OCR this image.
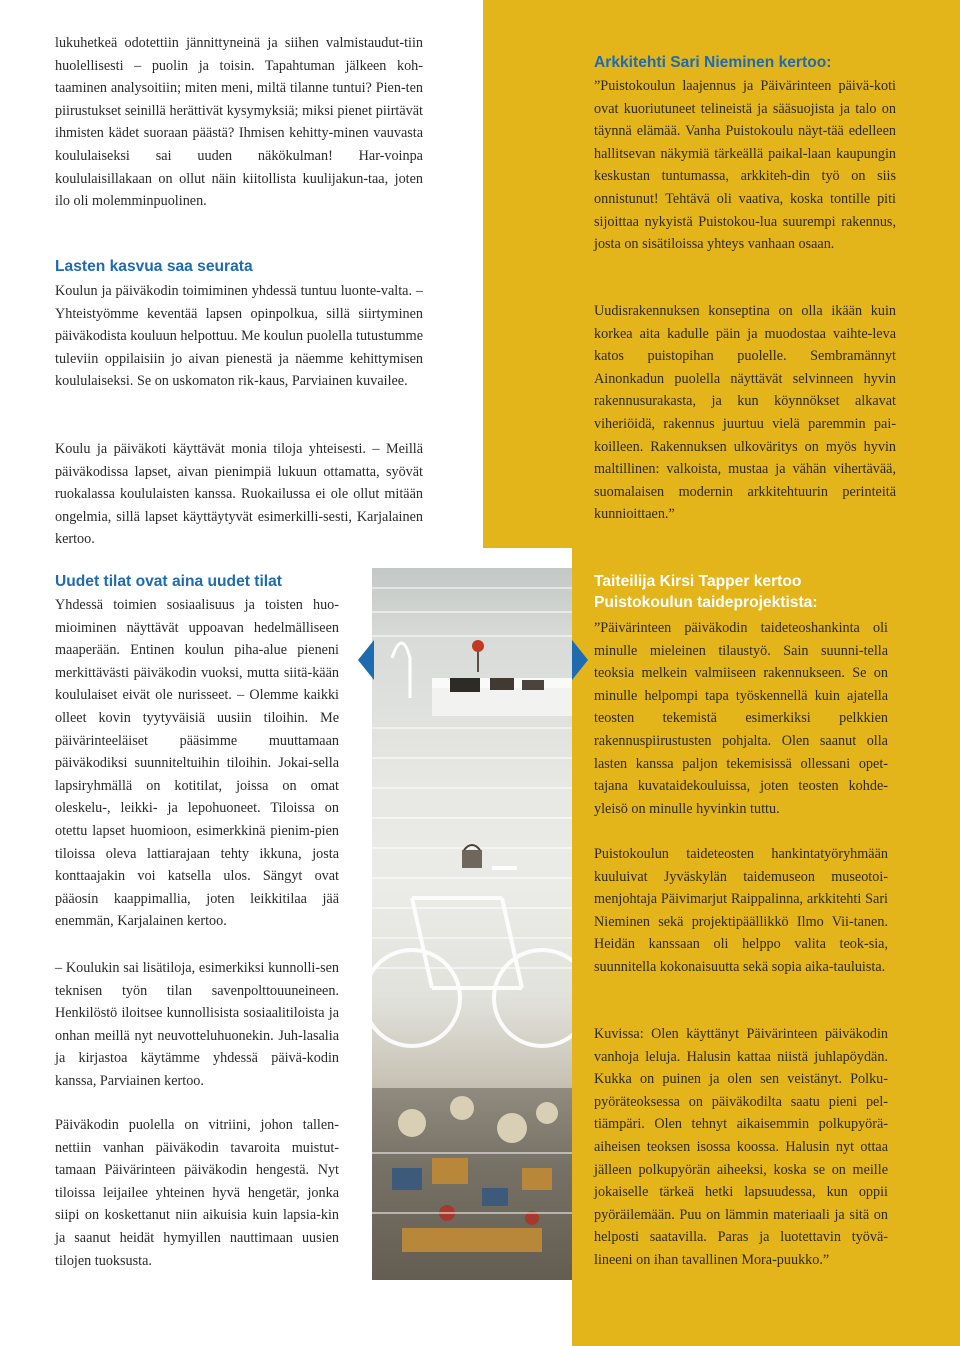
lukuhetkeä odotettiin jännittyneinä ja siihen valmistaudut-tiin huolellisesti – puolin ja toisin. Tapahtuman jälkeen koh-taaminen analysoitiin; miten meni, miltä tilanne tuntui? Pien-ten piirustukset seinillä herättivät kysymyksiä; miksi pienet piirtävät ihmisten kädet suoraan päästä? Ihmisen kehitty-minen vauvasta koululaiseksi sai uuden näkökulman! Har-voinpa koululaisillakaan on ollut näin kiitollista kuulijakun-taa, joten ilo oli molemminpuolinen.

Lasten kasvua saa seurata

Koulun ja päiväkodin toimiminen yhdessä tuntuu luonte-valta. – Yhteistyömme keventää lapsen opinpolkua, sillä siirtyminen päiväkodista kouluun helpottuu. Me koulun puolella tutustumme tuleviin oppilaisiin jo aivan pienestä ja näemme kehittymisen koululaiseksi. Se on uskomaton rik-kaus, Parviainen kuvailee.

Koulu ja päiväkoti käyttävät monia tiloja yhteisesti. – Meillä päiväkodissa lapset, aivan pienimpiä lukuun ottamatta, syövät ruokalassa koululaisten kanssa. Ruokailussa ei ole ollut mitään ongelmia, sillä lapset käyttäytyvät esimerkilli-sesti, Karjalainen kertoo.

Uudet tilat ovat aina uudet tilat

Yhdessä toimien sosiaalisuus ja toisten huo-mioiminen näyttävät uppoavan hedelmälliseen maaperään. Entinen koulun piha-alue pieneni merkittävästi päiväkodin vuoksi, mutta siitä-kään koululaiset eivät ole nurisseet. – Olemme kaikki olleet kovin tyytyväisiä uusiin tiloihin. Me päivärinteeläiset pääsimme muuttamaan päiväkodiksi suunniteltuihin tiloihin. Jokai-sella lapsiryhmällä on kotitilat, joissa on omat oleskelu-, leikki- ja lepohuoneet. Tiloissa on otettu lapset huomioon, esimerkkinä pienim-pien tiloissa oleva lattiarajaan tehty ikkuna, josta konttaajakin voi katsella ulos. Sängyt ovat pääosin kaappimallia, joten leikkitilaa jää enemmän, Karjalainen kertoo.

– Koulukin sai lisätiloja, esimerkiksi kunnolli-sen teknisen työn tilan savenpolttouuneineen. Henkilöstö iloitsee kunnollisista sosiaalitiloista ja onhan meillä nyt neuvotteluhuonekin. Juh-lasalia ja kirjastoa käytämme yhdessä päivä-kodin kanssa, Parviainen kertoo.

Päiväkodin puolella on vitriini, johon tallen-nettiin vanhan päiväkodin tavaroita muistut-tamaan Päivärinteen päiväkodin hengestä. Nyt tiloissa leijailee yhteinen hyvä hengetär, jonka siipi on koskettanut niin aikuisia kuin lapsia-kin ja saanut heidät hymyillen nauttimaan uusien tilojen tuoksusta.

Arkkitehti Sari Nieminen kertoo:

”Puistokoulun laajennus ja Päivärinteen päivä-koti ovat kuoriutuneet telineistä ja sääsuojista ja talo on täynnä elämää. Vanha Puistokoulu näyt-tää edelleen hallitsevan näkymiä tärkeällä paikal-laan kaupungin keskustan tuntumassa, arkkiteh-din työ on siis onnistunut! Tehtävä oli vaativa, koska tontille piti sijoittaa nykyistä Puistokou-lua suurempi rakennus, josta on sisätiloissa yhteys vanhaan osaan.

Uudisrakennuksen konseptina on olla ikään kuin korkea aita kadulle päin ja muodostaa vaihte-leva katos puistopihan puolelle. Sembramännyt Ainonkadun puolella näyttävät selvinneen hyvin rakennusurakasta, ja kun köynnökset alkavat viheriöidä, rakennus juurtuu vielä paremmin pai-koilleen. Rakennuksen ulkoväritys on myös hyvin maltillinen: valkoista, mustaa ja vähän vihertävää, suomalaisen modernin arkkitehtuurin perinteitä kunnioittaen.”

Taiteilija Kirsi Tapper kertoo Puistokoulun taideprojektista:

”Päivärinteen päiväkodin taideteoshankinta oli minulle mieleinen tilaustyö. Sain suunni-tella teoksia melkein valmiiseen rakennukseen. Se on minulle helpompi tapa työskennellä kuin ajatella teosten tekemistä esimerkiksi pelkkien rakennuspiirustusten pohjalta. Olen saanut olla lasten kanssa paljon tekemisissä ollessani opet-tajana kuvataidekouluissa, joten teosten kohde-yleisö on minulle hyvinkin tuttu.

Puistokoulun taideteosten hankintatyöryhmään kuuluivat Jyväskylän taidemuseon museotoi-menjohtaja Päivimarjut Raippalinna, arkkitehti Sari Nieminen sekä projektipäällikkö Ilmo Vii-tanen. Heidän kanssaan oli helppo valita teok-sia, suunnitella kokonaisuutta sekä sopia aika-tauluista.

Kuvissa: Olen käyttänyt Päivärinteen päiväkodin vanhoja leluja. Halusin kattaa niistä juhlapöydän. Kukka on puinen ja olen sen veistänyt. Polku-pyöräteoksessa on päiväkodilta saatu pieni pel-tiämpäri. Olen tehnyt aikaisemmin polkupyörä-aiheisen teoksen isossa koossa. Halusin nyt ottaa jälleen polkupyörän aiheeksi, koska se on meille jokaiselle tärkeä hetki lapsuudessa, kun oppii pyöräilemään. Puu on lämmin materiaali ja sitä on helposti saatavilla. Paras ja luotettavin työvä-lineeni on ihan tavallinen Mora-puukko.”
